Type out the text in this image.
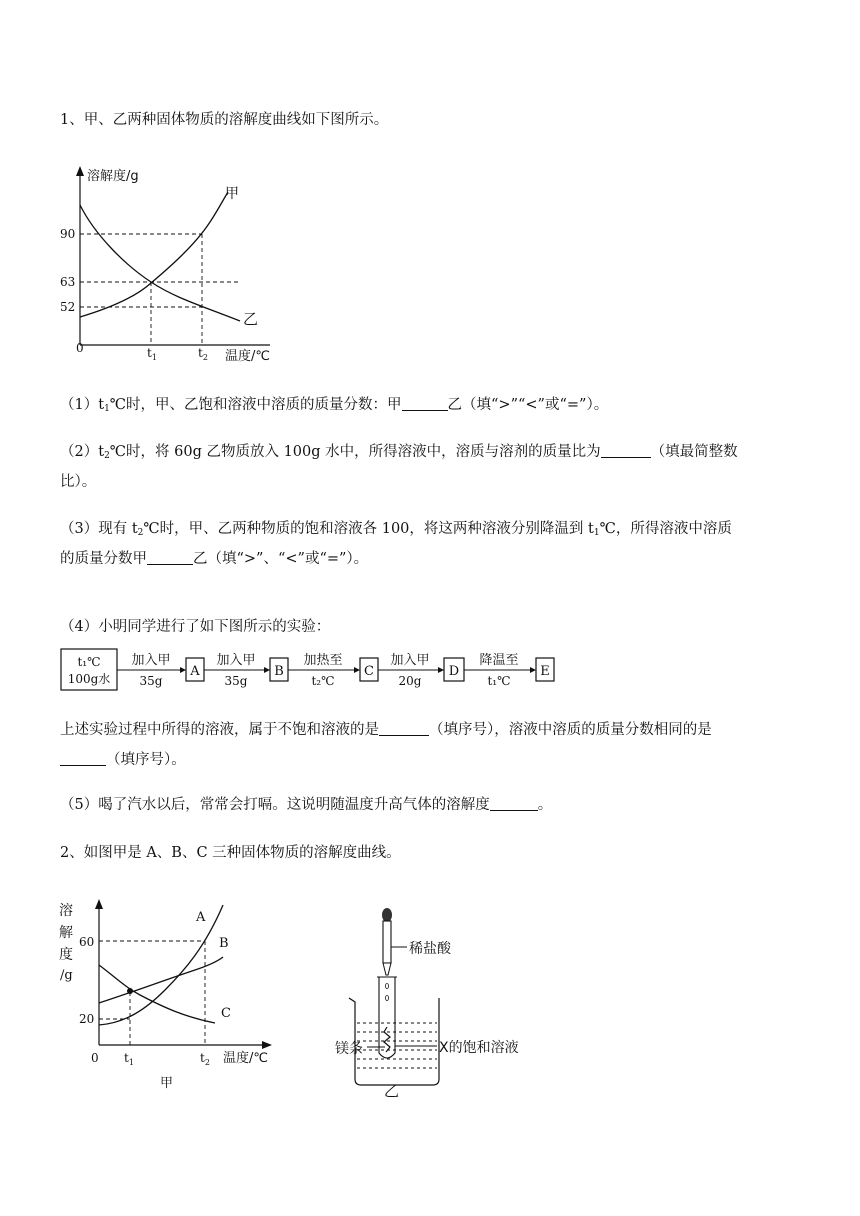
1、甲、乙两种固体物质的溶解度曲线如下图所示。

溶解度/g
温度/℃
0
90
63
52
$t_1$	$t_2$
甲
乙

$(1)t_1℃$时，甲、乙饱和溶液中溶质的质量分数：甲	乙（填“>”“<”或“=”）。

$(2)t_2℃$时，将 60g 乙物质放入 100g 水中，所得溶液中，溶质与溶剂的质量比为	（填最简整数
比）。

（3）现有 $t_2℃$时，甲、乙两种物质的饱和溶液各 100，将这两种溶液分别降温到 $t_1℃$，所得溶液中溶质
的质量分数甲	乙（填“>”、“<”或“=”）。

（4）小明同学进行了如下图所示的实验：

t₁℃
100g水
加入甲
35g
A
加入甲
35g
B
加热至
t₂℃
C
加入甲
20g
D
降温至
t₁℃
E

上述实验过程中所得的溶液，属于不饱和溶液的是	（填序号），溶液中溶质的质量分数相同的是
（填序号）。

（5）喝了汽水以后，常常会打嗝。这说明随温度升高气体的溶解度	。

2、如图甲是 A、B、C 三种固体物质的溶解度曲线。

溶
解
度
/g
60
20
0 $t_1$	$t_2$ 温度/℃
A
B
C
甲
稀盐酸
镁条	X的饱和溶液
乙
